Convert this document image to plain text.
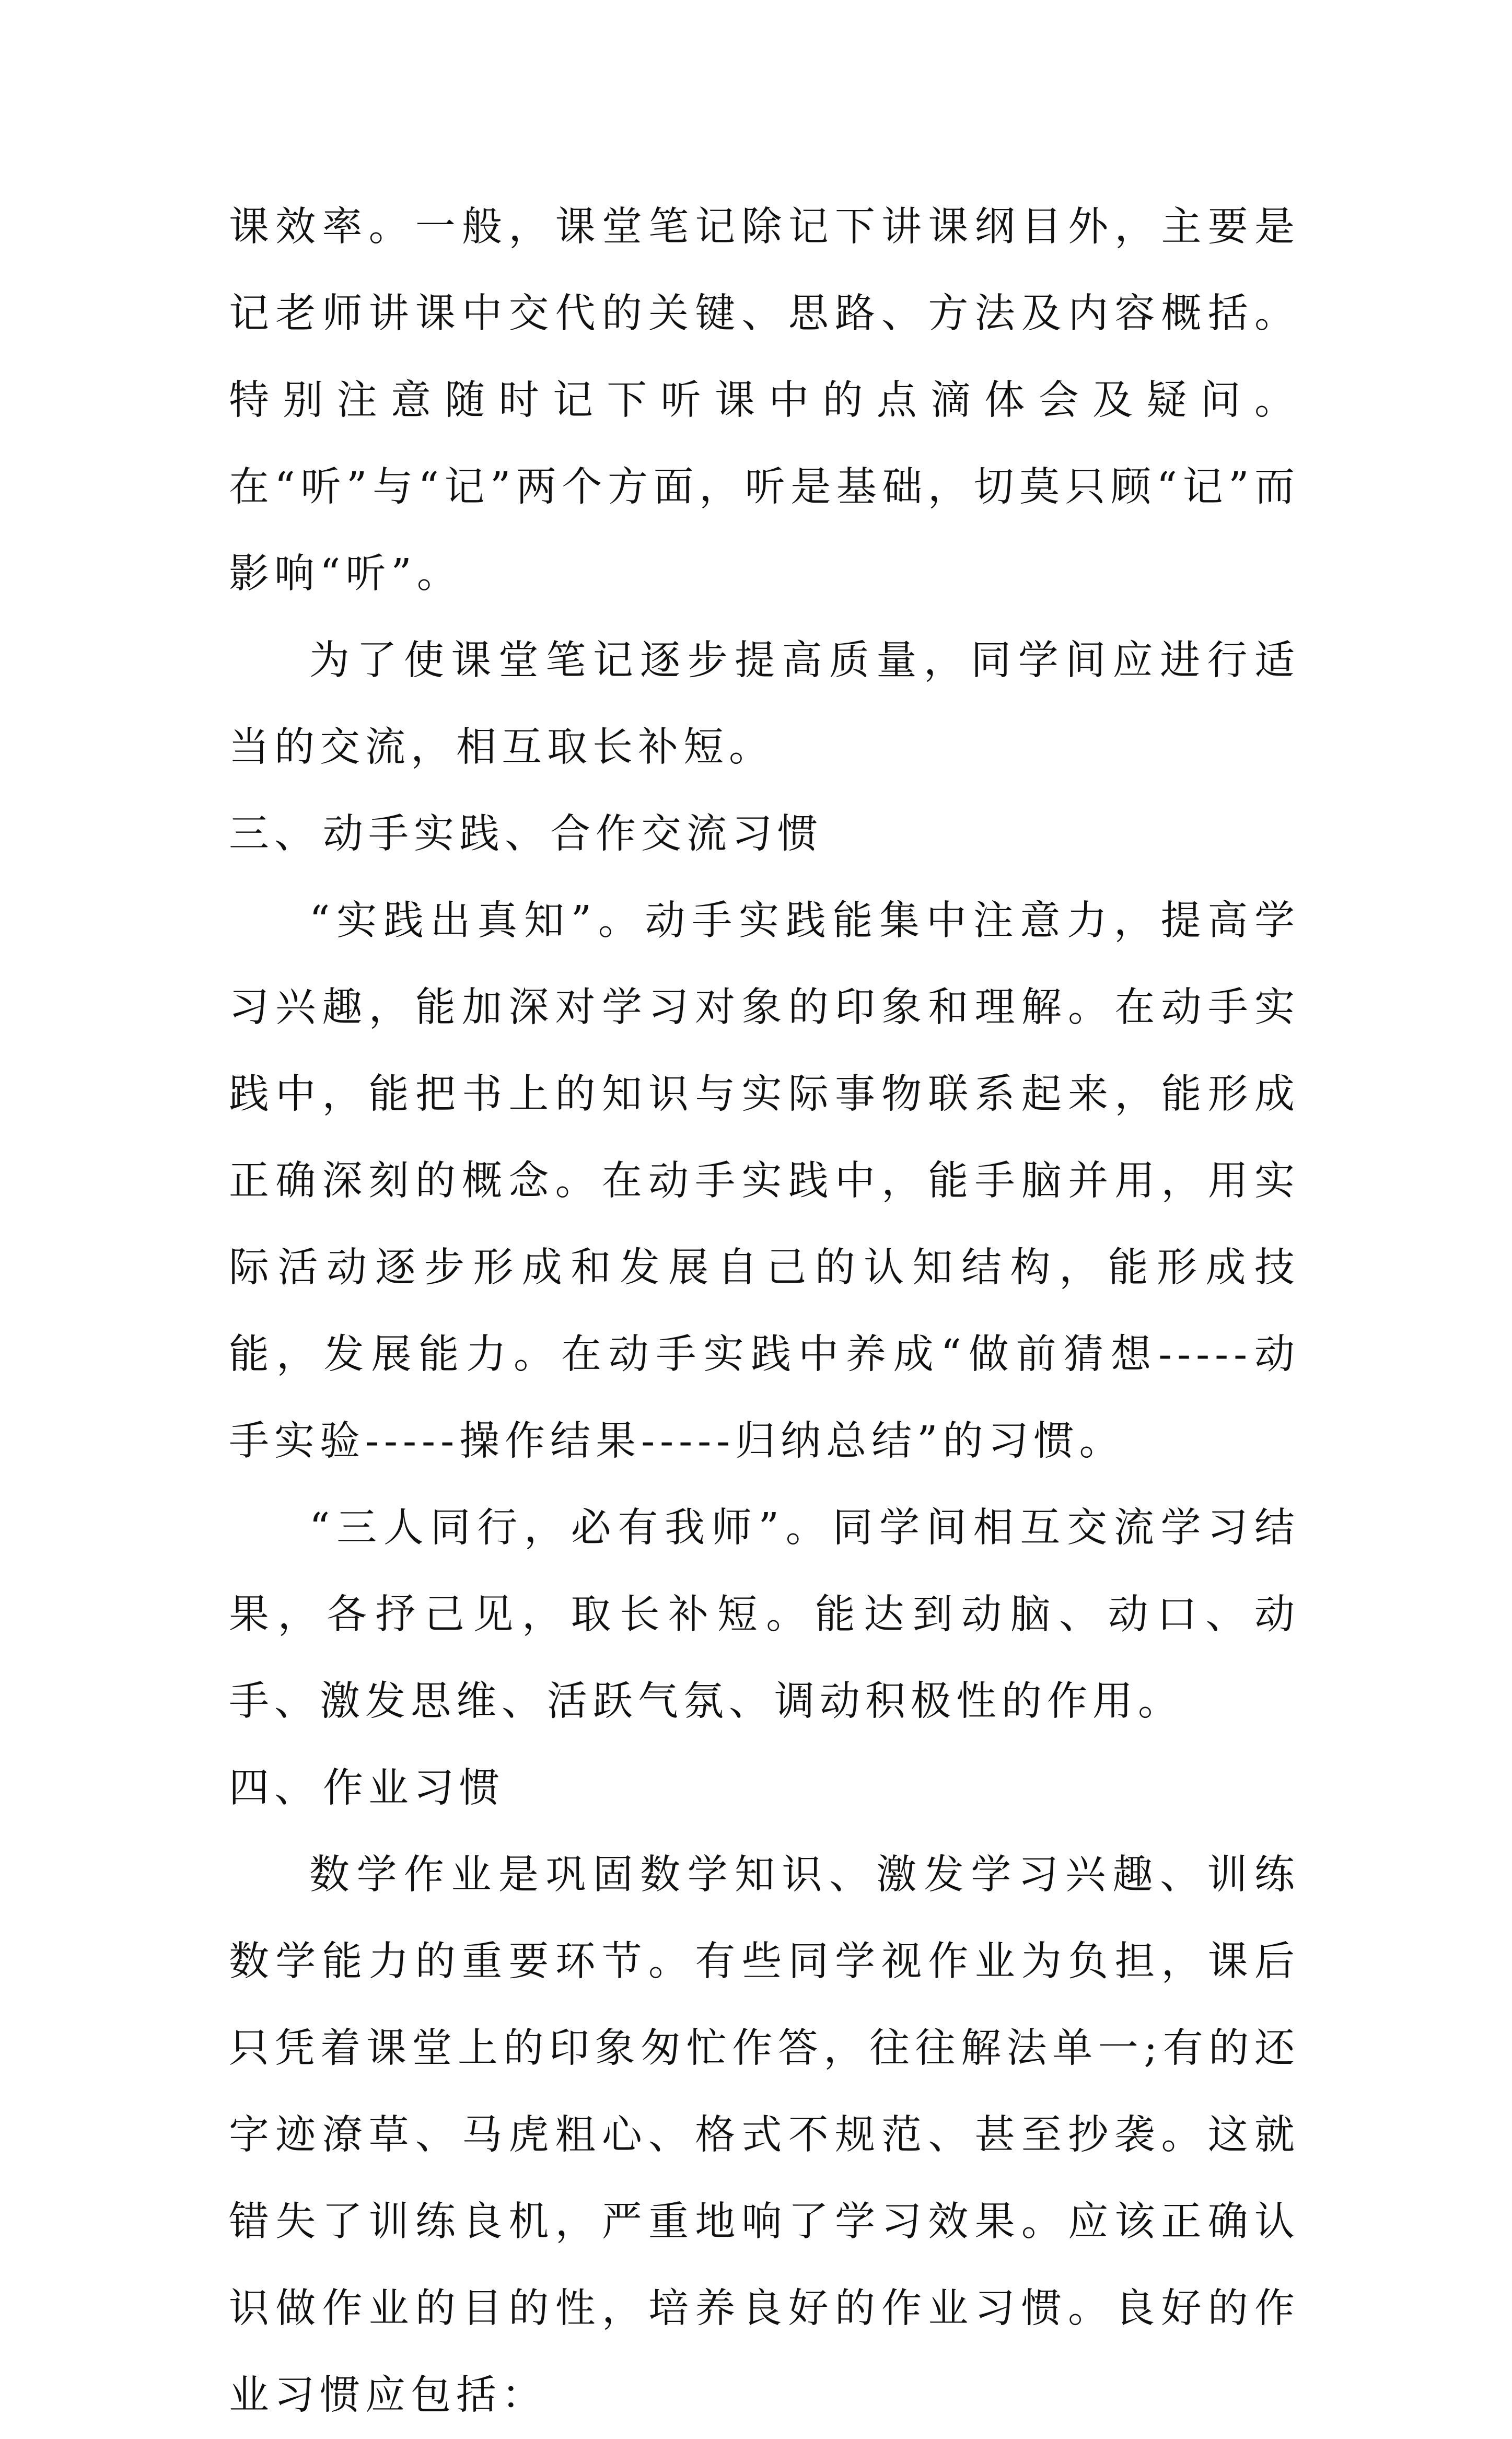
课效率。一般，课堂笔记除记下讲课纲目外，主要是记老师讲课中交代的关键、思路、方法及内容概括。特别注意随时记下听课中的点滴体会及疑问。在“听”与“记”两个方面，听是基础，切莫只顾“记”而影响“听”。

为了使课堂笔记逐步提高质量，同学间应进行适当的交流，相互取长补短。

三、动手实践、合作交流习惯

“实践出真知”。动手实践能集中注意力，提高学习兴趣，能加深对学习对象的印象和理解。在动手实践中，能把书上的知识与实际事物联系起来，能形成正确深刻的概念。在动手实践中，能手脑并用，用实际活动逐步形成和发展自己的认知结构，能形成技能，发展能力。在动手实践中养成“做前猜想-----动手实验-----操作结果-----归纳总结”的习惯。

“三人同行，必有我师”。同学间相互交流学习结果，各抒己见，取长补短。能达到动脑、动口、动手、激发思维、活跃气氛、调动积极性的作用。

四、作业习惯

数学作业是巩固数学知识、激发学习兴趣、训练数学能力的重要环节。有些同学视作业为负担，课后只凭着课堂上的印象匆忙作答，往往解法单一;有的还字迹潦草、马虎粗心、格式不规范、甚至抄袭。这就错失了训练良机，严重地响了学习效果。应该正确认识做作业的目的性，培养良好的作业习惯。良好的作业习惯应包括：
